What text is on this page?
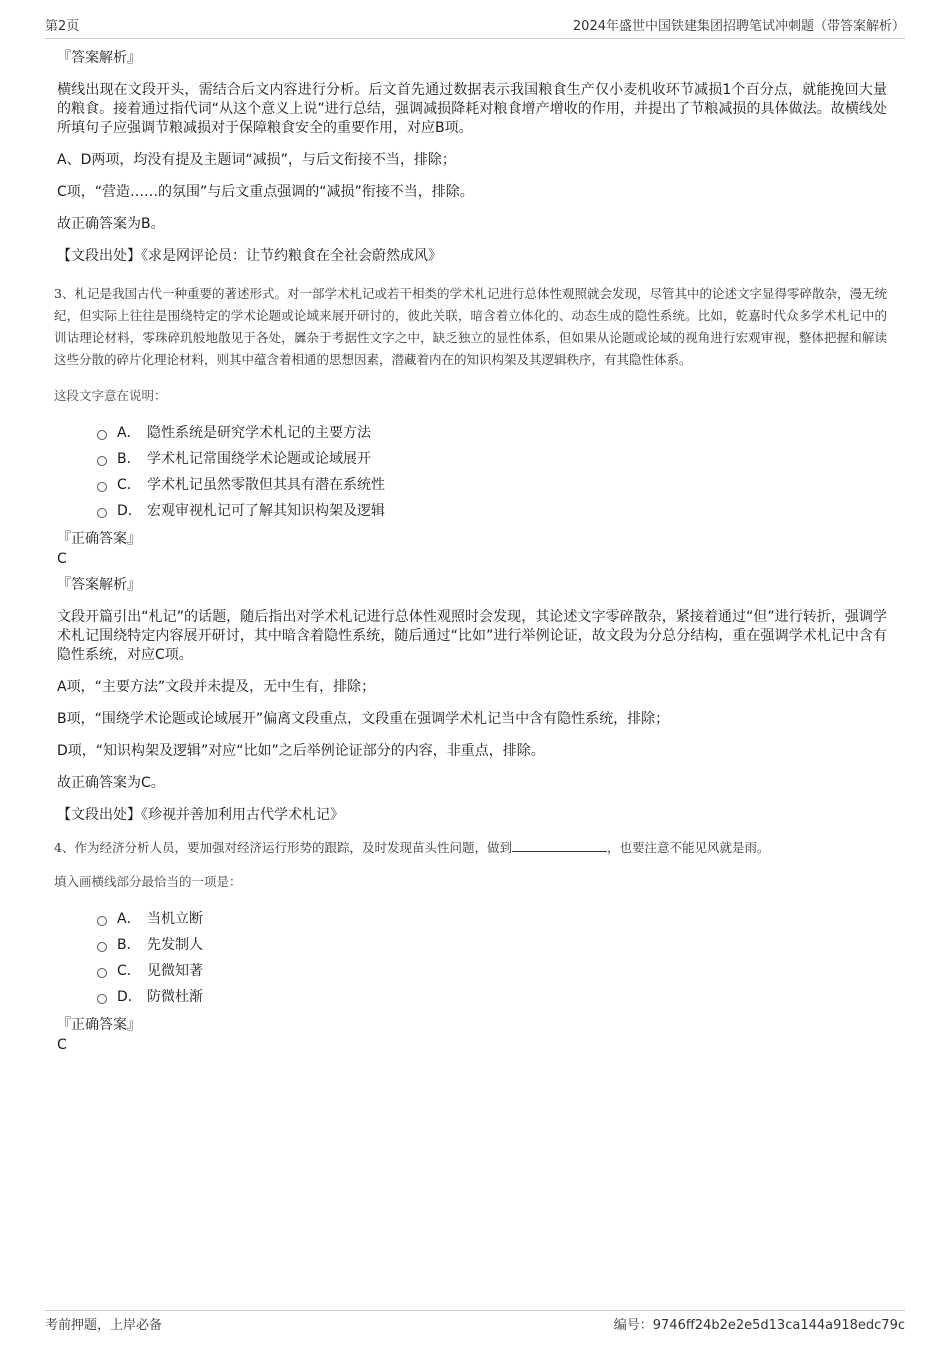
第2页	2024年盛世中国铁建集团招聘笔试冲刺题（带答案解析）

『答案解析』

横线出现在文段开头，需结合后文内容进行分析。后文首先通过数据表示我国粮食生产仅小麦机收环节减损1个百分点，就能挽回大量的粮食。接着通过指代词“从这个意义上说”进行总结，强调减损降耗对粮食增产增收的作用，并提出了节粮减损的具体做法。故横线处所填句子应强调节粮减损对于保障粮食安全的重要作用，对应B项。

A、D两项，均没有提及主题词“减损”，与后文衔接不当，排除；

C项，“营造……的氛围”与后文重点强调的“减损”衔接不当，排除。

故正确答案为B。

【文段出处】《求是网评论员：让节约粮食在全社会蔚然成风》

3、札记是我国古代一种重要的著述形式。对一部学术札记或若干相类的学术札记进行总体性观照就会发现，尽管其中的论述文字显得零碎散杂，漫无统纪，但实际上往往是围绕特定的学术论题或论域来展开研讨的，彼此关联，暗含着立体化的、动态生成的隐性系统。比如，乾嘉时代众多学术札记中的训诂理论材料，零珠碎玑般地散见于各处，羼杂于考据性文字之中，缺乏独立的显性体系，但如果从论题或论域的视角进行宏观审视，整体把握和解读这些分散的碎片化理论材料，则其中蕴含着相通的思想因素，潜藏着内在的知识构架及其逻辑秩序，有其隐性体系。

这段文字意在说明：

A． 隐性系统是研究学术札记的主要方法
B． 学术札记常围绕学术论题或论域展开
C． 学术札记虽然零散但其具有潜在系统性
D． 宏观审视札记可了解其知识构架及逻辑

『正确答案』

C

『答案解析』

文段开篇引出“札记”的话题，随后指出对学术札记进行总体性观照时会发现，其论述文字零碎散杂，紧接着通过“但”进行转折，强调学术札记围绕特定内容展开研讨，其中暗含着隐性系统，随后通过“比如”进行举例论证，故文段为分总分结构，重在强调学术札记中含有隐性系统，对应C项。

A项，“主要方法”文段并未提及，无中生有，排除；

B项，“围绕学术论题或论域展开”偏离文段重点，文段重在强调学术札记当中含有隐性系统，排除；

D项，“知识构架及逻辑”对应“比如”之后举例论证部分的内容，非重点，排除。

故正确答案为C。

【文段出处】《珍视并善加利用古代学术札记》

4、作为经济分析人员，要加强对经济运行形势的跟踪，及时发现苗头性问题，做到	，也要注意不能见风就是雨。

填入画横线部分最恰当的一项是：

A． 当机立断
B． 先发制人
C． 见微知著
D． 防微杜渐

『正确答案』

C

考前押题，上岸必备	编号：9746ff24b2e2e5d13ca144a918edc79c
